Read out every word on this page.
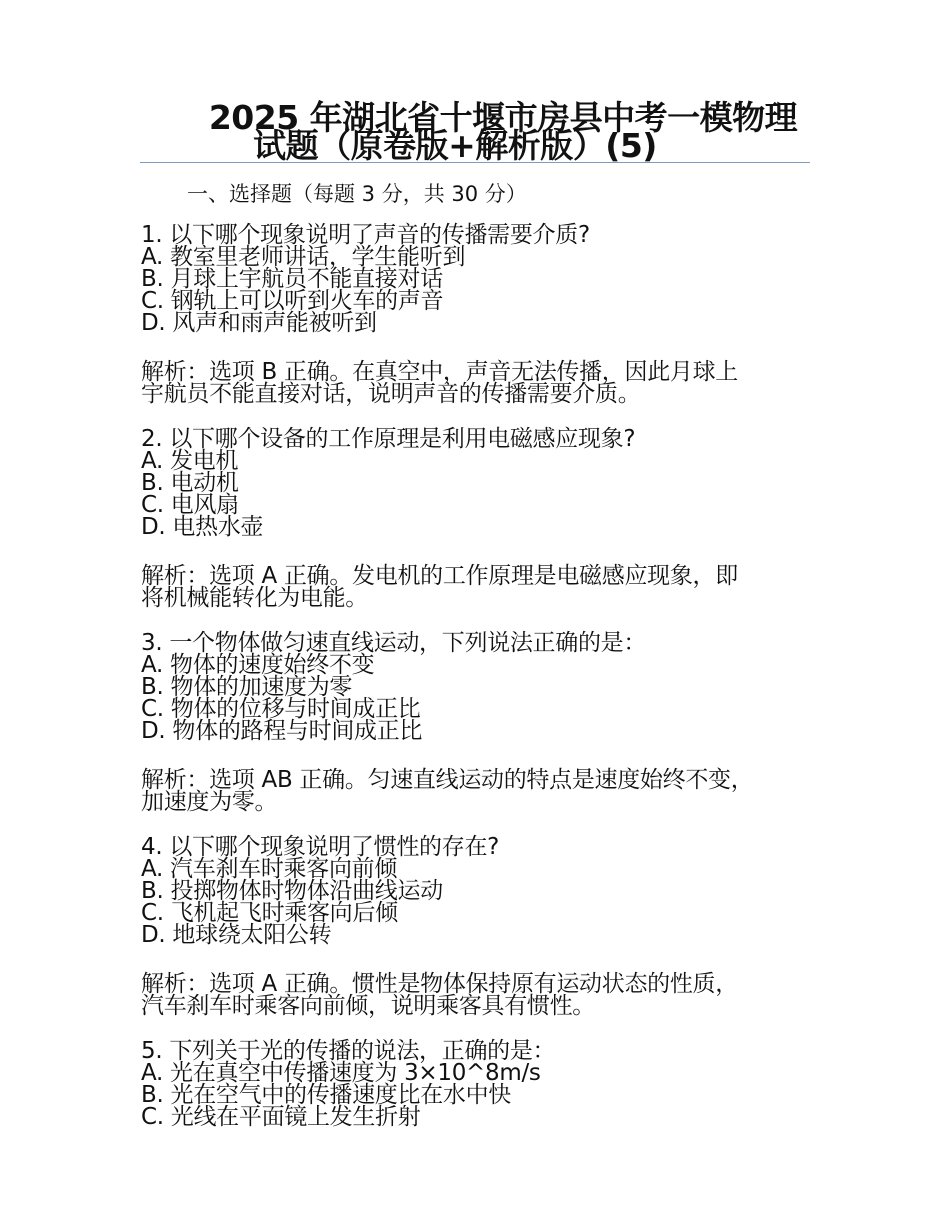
2025 年湖北省十堰市房县中考一模物理
试题（原卷版+解析版）(5)
一、选择题（每题 3 分，共 30 分）
1. 以下哪个现象说明了声音的传播需要介质?
A. 教室里老师讲话，学生能听到
B. 月球上宇航员不能直接对话
C. 钢轨上可以听到火车的声音
D. 风声和雨声能被听到
解析：选项 B 正确。在真空中，声音无法传播，因此月球上
宇航员不能直接对话，说明声音的传播需要介质。
2. 以下哪个设备的工作原理是利用电磁感应现象?
A. 发电机
B. 电动机
C. 电风扇
D. 电热水壶
解析：选项 A 正确。发电机的工作原理是电磁感应现象，即
将机械能转化为电能。
3. 一个物体做匀速直线运动，下列说法正确的是：
A. 物体的速度始终不变
B. 物体的加速度为零
C. 物体的位移与时间成正比
D. 物体的路程与时间成正比
解析：选项 AB 正确。匀速直线运动的特点是速度始终不变，
加速度为零。
4. 以下哪个现象说明了惯性的存在?
A. 汽车刹车时乘客向前倾
B. 投掷物体时物体沿曲线运动
C. 飞机起飞时乘客向后倾
D. 地球绕太阳公转
解析：选项 A 正确。惯性是物体保持原有运动状态的性质，
汽车刹车时乘客向前倾，说明乘客具有惯性。
5. 下列关于光的传播的说法，正确的是：
A. 光在真空中传播速度为 3×10^8m/s
B. 光在空气中的传播速度比在水中快
C. 光线在平面镜上发生折射
